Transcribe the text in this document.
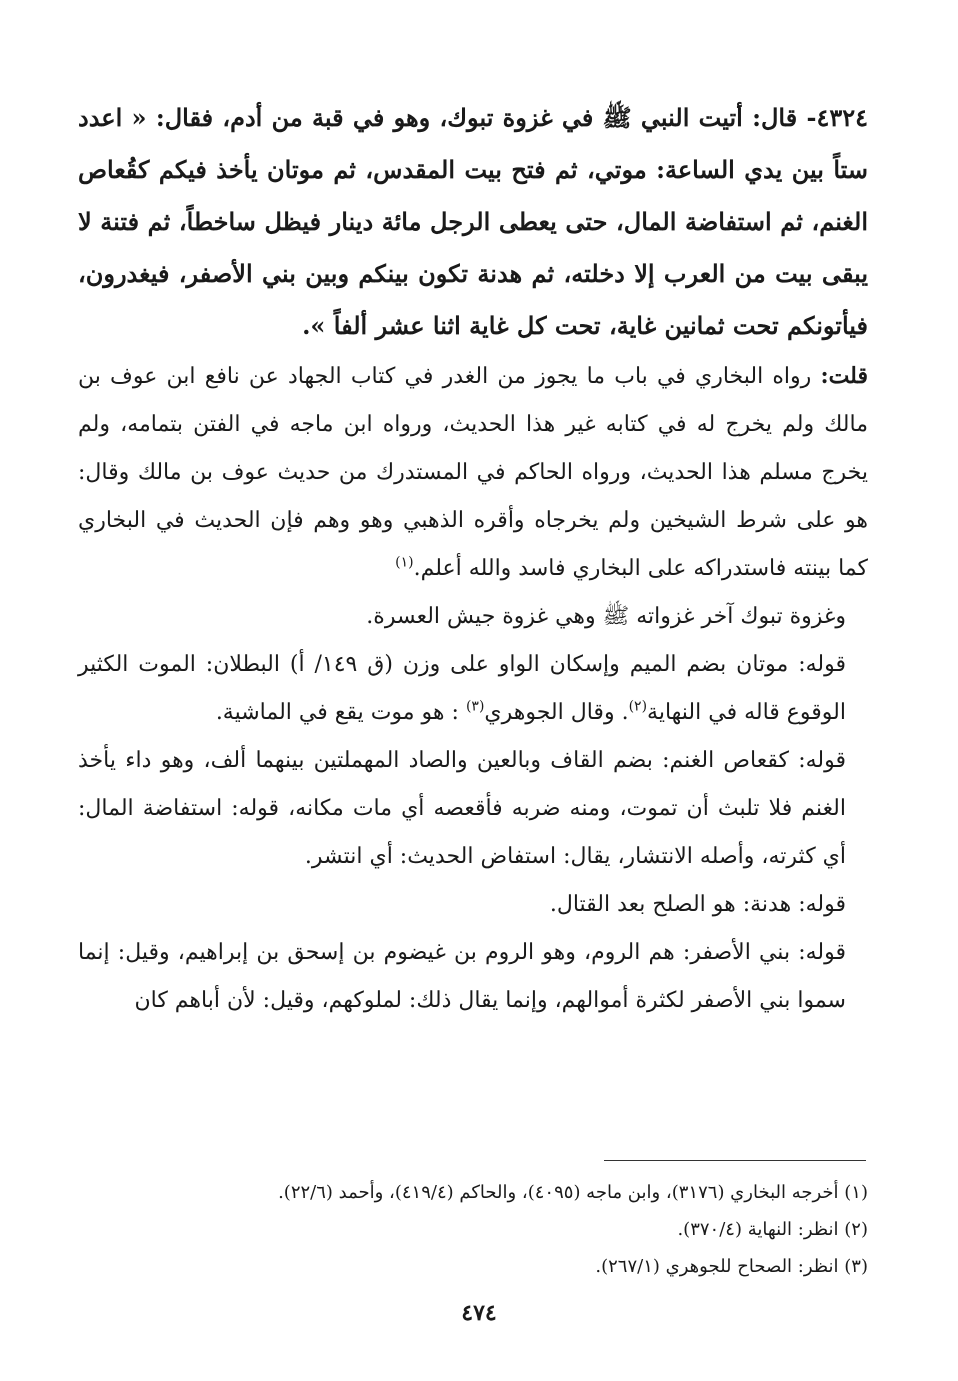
٤٣٢٤- قال: أتيت النبي ﷺ في غزوة تبوك، وهو في قبة من أدم، فقال: « اعدد ستاً بين يدي الساعة: موتي، ثم فتح بيت المقدس، ثم موتان يأخذ فيكم كقُعاص الغنم، ثم استفاضة المال، حتى يعطى الرجل مائة دينار فيظل ساخطاً، ثم فتنة لا يبقى بيت من العرب إلا دخلته، ثم هدنة تكون بينكم وبين بني الأصفر، فيغدرون، فيأتونكم تحت ثمانين غاية، تحت كل غاية اثنا عشر ألفاً ».

قلت: رواه البخاري في باب ما يجوز من الغدر في كتاب الجهاد عن نافع ابن عوف بن مالك ولم يخرج له في كتابه غير هذا الحديث، ورواه ابن ماجه في الفتن بتمامه، ولم يخرج مسلم هذا الحديث، ورواه الحاكم في المستدرك من حديث عوف بن مالك وقال: هو على شرط الشيخين ولم يخرجاه وأقره الذهبي وهو وهم فإن الحديث في البخاري كما بينته فاستدراكه على البخاري فاسد والله أعلم.$^{(١)}$

وغزوة تبوك آخر غزواته ﷺ وهي غزوة جيش العسرة.

قوله: موتان بضم الميم وإسكان الواو على وزن (ق ١٤٩/ أ) البطلان: الموت الكثير الوقوع قاله في النهاية$^{(٢)}$. وقال الجوهري$^{(٣)}$ : هو موت يقع في الماشية.

قوله: كقعاص الغنم: بضم القاف وبالعين والصاد المهملتين بينهما ألف، وهو داء يأخذ الغنم فلا تلبث أن تموت، ومنه ضربه فأقعصه أي مات مكانه، قوله: استفاضة المال: أي كثرته، وأصله الانتشار، يقال: استفاض الحديث: أي انتشر.

قوله: هدنة: هو الصلح بعد القتال.

قوله: بني الأصفر: هم الروم، وهو الروم بن غيضوم بن إسحق بن إبراهيم، وقيل: إنما سموا بني الأصفر لكثرة أموالهم، وإنما يقال ذلك: لملوكهم، وقيل: لأن أباهم كان

(١) أخرجه البخاري (٣١٧٦)، وابن ماجه (٤٠٩٥)، والحاكم (٤١٩/٤)، وأحمد (٢٢/٦).

(٢) انظر: النهاية (٣٧٠/٤).

(٣) انظر: الصحاح للجوهري (٢٦٧/١).

٤٧٤
